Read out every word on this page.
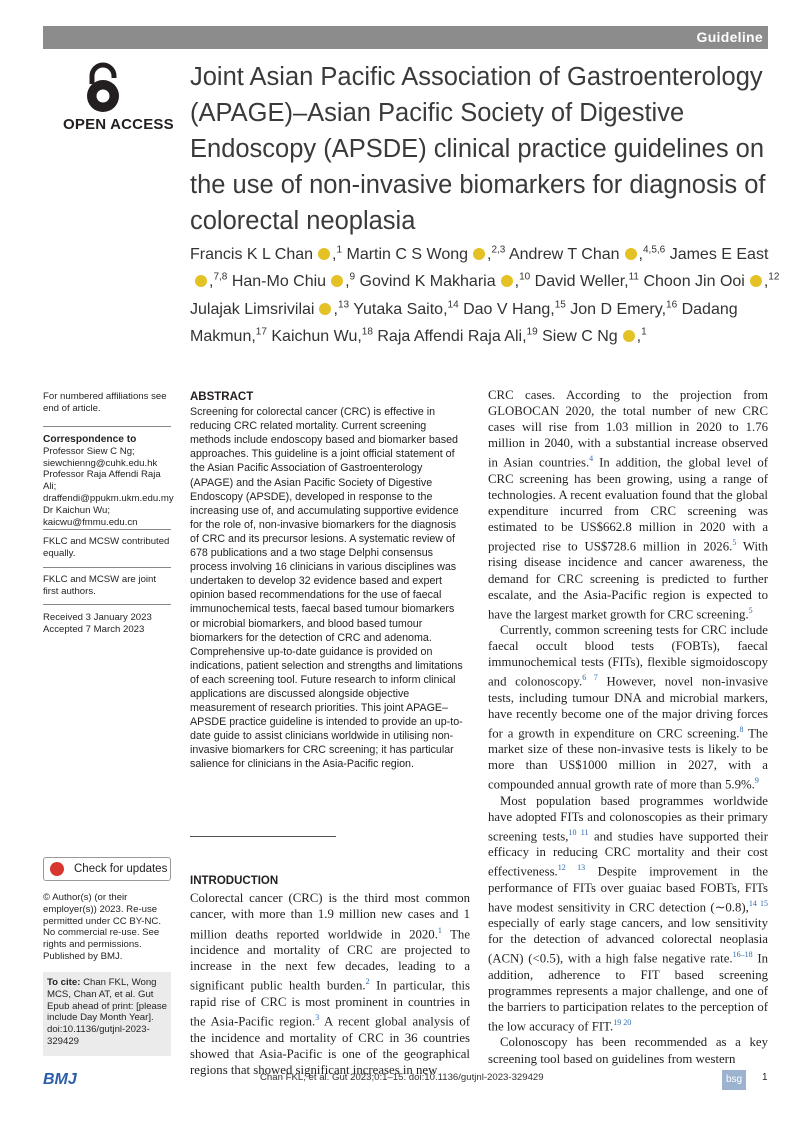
Guideline
OPEN ACCESS
Joint Asian Pacific Association of Gastroenterology (APAGE)–Asian Pacific Society of Digestive Endoscopy (APSDE) clinical practice guidelines on the use of non-invasive biomarkers for diagnosis of colorectal neoplasia
Francis K L Chan ,$^1$ Martin C S Wong ,$^{2,3}$ Andrew T Chan ,$^{4,5,6}$ James E East,$^{7,8}$ Han-Mo Chiu ,$^9$ Govind K Makharia ,$^{10}$ David Weller,$^{11}$ Choon Jin Ooi ,$^{12}$ Julajak Limsrivilai ,$^{13}$ Yutaka Saito,$^{14}$ Dao V Hang,$^{15}$ Jon D Emery,$^{16}$ Dadang Makmun,$^{17}$ Kaichun Wu,$^{18}$ Raja Affendi Raja Ali,$^{19}$ Siew C Ng ,$^1$

For numbered affiliations see end of article.

Correspondence to

Professor Siew C Ng;

siewchienng@cuhk.edu.hk

Professor Raja Affendi Raja Ali;

draffendi@ppukm.ukm.edu.my

Dr Kaichun Wu;

kaicwu@fmmu.edu.cn

FKLC and MCSW contributed equally.

FKLC and MCSW are joint first authors.

Received 3 January 2023

Accepted 7 March 2023

Check for updates

© Author(s) (or their employer(s)) 2023. Re-use permitted under CC BY-NC. No commercial re-use. See rights and permissions. Published by BMJ.

To cite: Chan FKL, Wong MCS, Chan AT, et al. Gut Epub ahead of print: [please include Day Month Year]. doi:10.1136/gutjnl-2023-329429
ABSTRACT

Screening for colorectal cancer (CRC) is effective in reducing CRC related mortality. Current screening methods include endoscopy based and biomarker based approaches. This guideline is a joint official statement of the Asian Pacific Association of Gastroenterology (APAGE) and the Asian Pacific Society of Digestive Endoscopy (APSDE), developed in response to the increasing use of, and accumulating supportive evidence for the role of, non-invasive biomarkers for the diagnosis of CRC and its precursor lesions. A systematic review of 678 publications and a two stage Delphi consensus process involving 16 clinicians in various disciplines was undertaken to develop 32 evidence based and expert opinion based recommendations for the use of faecal immunochemical tests, faecal based tumour biomarkers or microbial biomarkers, and blood based tumour biomarkers for the detection of CRC and adenoma. Comprehensive up-to-date guidance is provided on indications, patient selection and strengths and limitations of each screening tool. Future research to inform clinical applications are discussed alongside objective measurement of research priorities. This joint APAGE–APSDE practice guideline is intended to provide an up-to-date guide to assist clinicians worldwide in utilising non-invasive biomarkers for CRC screening; it has particular salience for clinicians in the Asia-Pacific region.

INTRODUCTION

Colorectal cancer (CRC) is the third most common cancer, with more than 1.9 million new cases and 1 million deaths reported worldwide in 2020.$^1$ The incidence and mortality of CRC are projected to increase in the next few decades, leading to a significant public health burden.$^2$ In particular, this rapid rise of CRC is most prominent in countries in the Asia-Pacific region.$^3$ A recent global analysis of the incidence and mortality of CRC in 36 countries showed that Asia-Pacific is one of the geographical regions that showed significant increases in new

CRC cases. According to the projection from GLOBOCAN 2020, the total number of new CRC cases will rise from 1.03 million in 2020 to 1.76 million in 2040, with a substantial increase observed in Asian countries.$^4$ In addition, the global level of CRC screening has been growing, using a range of technologies. A recent evaluation found that the global expenditure incurred from CRC screening was estimated to be US$662.8 million in 2020 with a projected rise to US$728.6 million in 2026.$^5$ With rising disease incidence and cancer awareness, the demand for CRC screening is predicted to further escalate, and the Asia-Pacific region is expected to have the largest market growth for CRC screening.$^5$

Currently, common screening tests for CRC include faecal occult blood tests (FOBTs), faecal immunochemical tests (FITs), flexible sigmoidoscopy and colonoscopy.$^{6 7}$ However, novel non-invasive tests, including tumour DNA and microbial markers, have recently become one of the major driving forces for a growth in expenditure on CRC screening.$^8$ The market size of these non-invasive tests is likely to be more than US$1000 million in 2027, with a compounded annual growth rate of more than 5.9%.$^9$

Most population based programmes worldwide have adopted FITs and colonoscopies as their primary screening tests,$^{10 11}$ and studies have supported their efficacy in reducing CRC mortality and their cost effectiveness.$^{12 13}$ Despite improvement in the performance of FITs over guaiac based FOBTs, FITs have modest sensitivity in CRC detection (∼0.8),$^{14 15}$ especially of early stage cancers, and low sensitivity for the detection of advanced colorectal neoplasia (ACN) (<0.5), with a high false negative rate.$^{16-18}$ In addition, adherence to FIT based screening programmes represents a major challenge, and one of the barriers to participation relates to the perception of the low accuracy of FIT.$^{19 20}$

Colonoscopy has been recommended as a key screening tool based on guidelines from western

BMJ	Chan FKL, et al. Gut 2023;0:1–15. doi:10.1136/gutjnl-2023-329429	bsg	1
